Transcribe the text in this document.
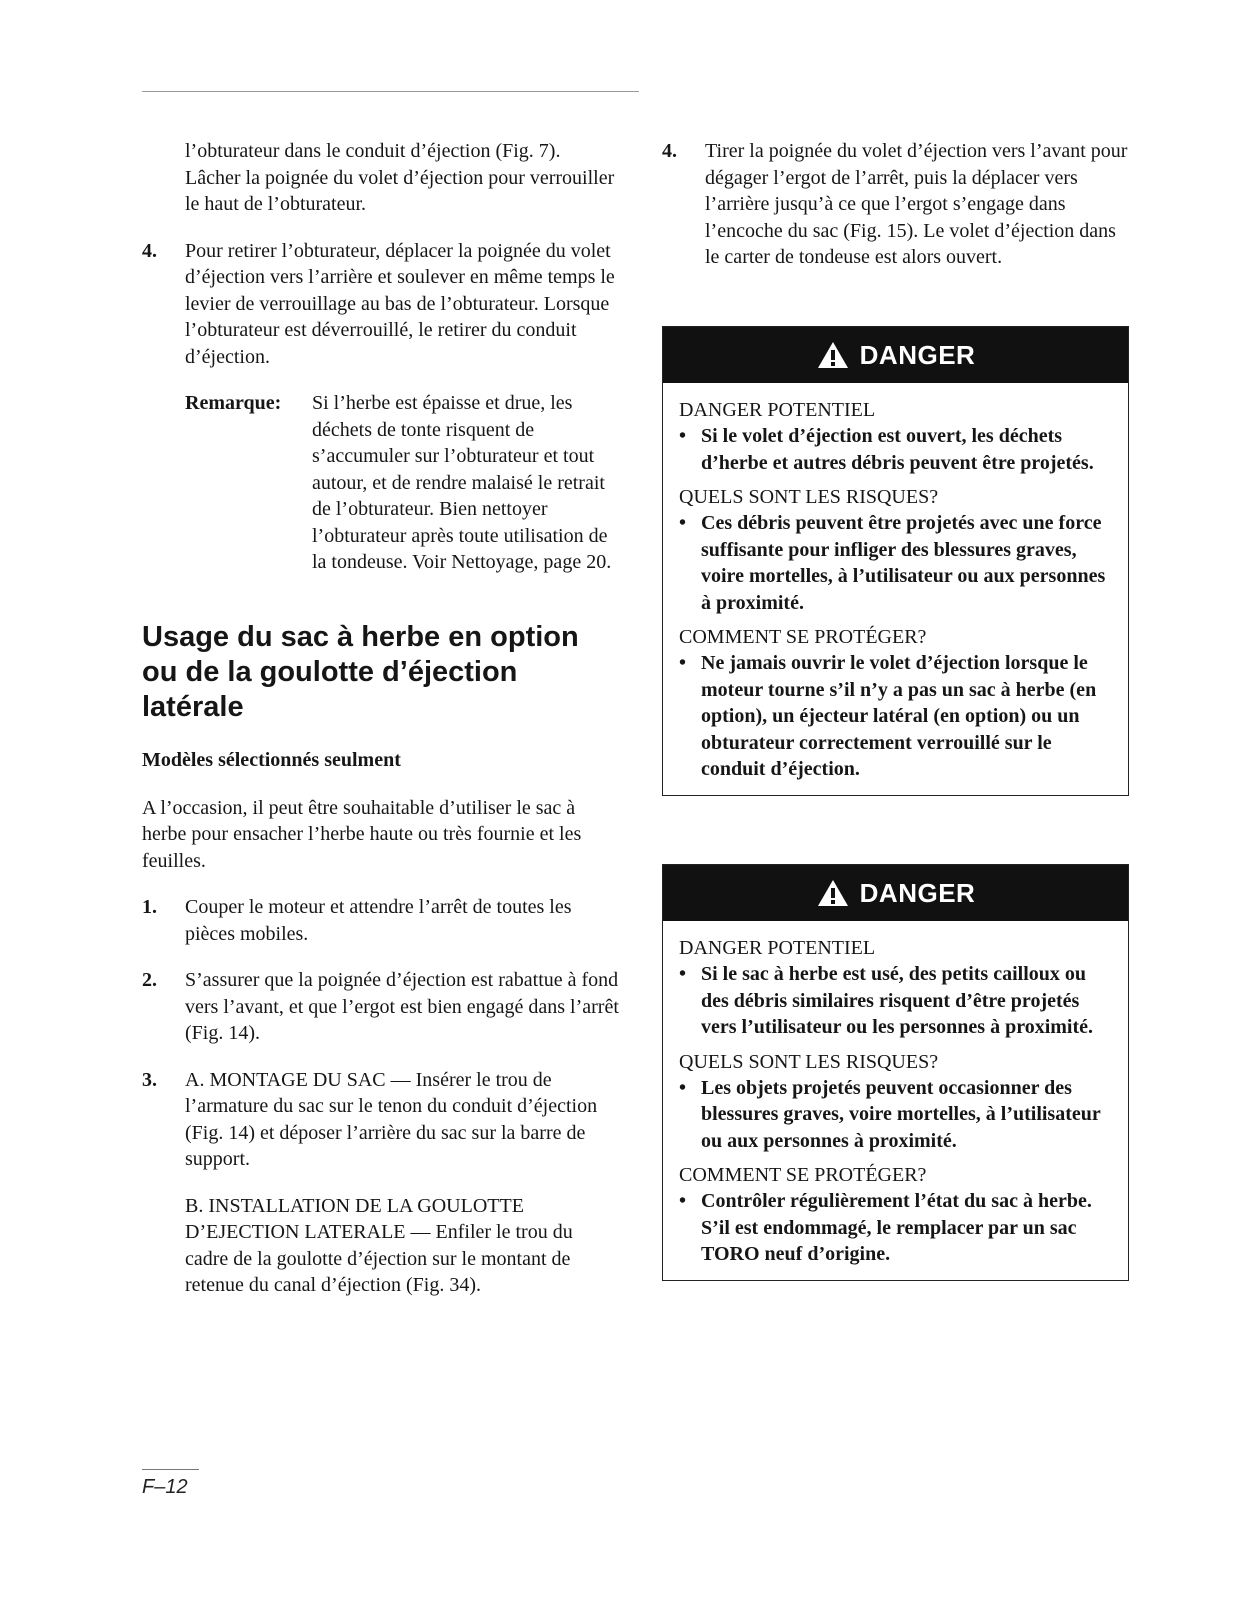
l’obturateur dans le conduit d’éjection (Fig. 7). Lâcher la poignée du volet d’éjection pour verrouiller le haut de l’obturateur.

4.	Pour retirer l’obturateur, déplacer la poignée du volet d’éjection vers l’arrière et soulever en même temps le levier de verrouillage au bas de l’obturateur. Lorsque l’obturateur est déverrouillé, le retirer du conduit d’éjection.

Remarque:	Si l’herbe est épaisse et drue, les déchets de tonte risquent de s’accumuler sur l’obturateur et tout autour, et de rendre malaisé le retrait de l’obturateur. Bien nettoyer l’obturateur après toute utilisation de la tondeuse. Voir Nettoyage, page 20.

Usage du sac à herbe en option ou de la goulotte d’éjection latérale

Modèles sélectionnés seulment

A l’occasion, il peut être souhaitable d’utiliser le sac à herbe pour ensacher l’herbe haute ou très fournie et les feuilles.

1.	Couper le moteur et attendre l’arrêt de toutes les pièces mobiles.

2.	S’assurer que la poignée d’éjection est rabattue à fond vers l’avant, et que l’ergot est bien engagé dans l’arrêt (Fig. 14).

3.	A. MONTAGE DU SAC — Insérer le trou de l’armature du sac sur le tenon du conduit d’éjection (Fig. 14) et déposer l’arrière du sac sur la barre de support.

B. INSTALLATION DE LA GOULOTTE D’EJECTION LATERALE — Enfiler le trou du cadre de la goulotte d’éjection sur le montant de retenue du canal d’éjection (Fig. 34).

4.	Tirer la poignée du volet d’éjection vers l’avant pour dégager l’ergot de l’arrêt, puis la déplacer vers l’arrière jusqu’à ce que l’ergot s’engage dans l’encoche du sac (Fig. 15). Le volet d’éjection dans le carter de tondeuse est alors ouvert.

DANGER

DANGER POTENTIEL

• Si le volet d’éjection est ouvert, les déchets d’herbe et autres débris peuvent être projetés.

QUELS SONT LES RISQUES?

• Ces débris peuvent être projetés avec une force suffisante pour infliger des blessures graves, voire mortelles, à l’utilisateur ou aux personnes à proximité.

COMMENT SE PROTÉGER?

• Ne jamais ouvrir le volet d’éjection lorsque le moteur tourne s’il n’y a pas un sac à herbe (en option), un éjecteur latéral (en option) ou un obturateur correctement verrouillé sur le conduit d’éjection.
DANGER

DANGER POTENTIEL

• Si le sac à herbe est usé, des petits cailloux ou des débris similaires risquent d’être projetés vers l’utilisateur ou les personnes à proximité.

QUELS SONT LES RISQUES?

• Les objets projetés peuvent occasionner des blessures graves, voire mortelles, à l’utilisateur ou aux personnes à proximité.

COMMENT SE PROTÉGER?

• Contrôler régulièrement l’état du sac à herbe. S’il est endommagé, le remplacer par un sac TORO neuf d’origine.
F–12
